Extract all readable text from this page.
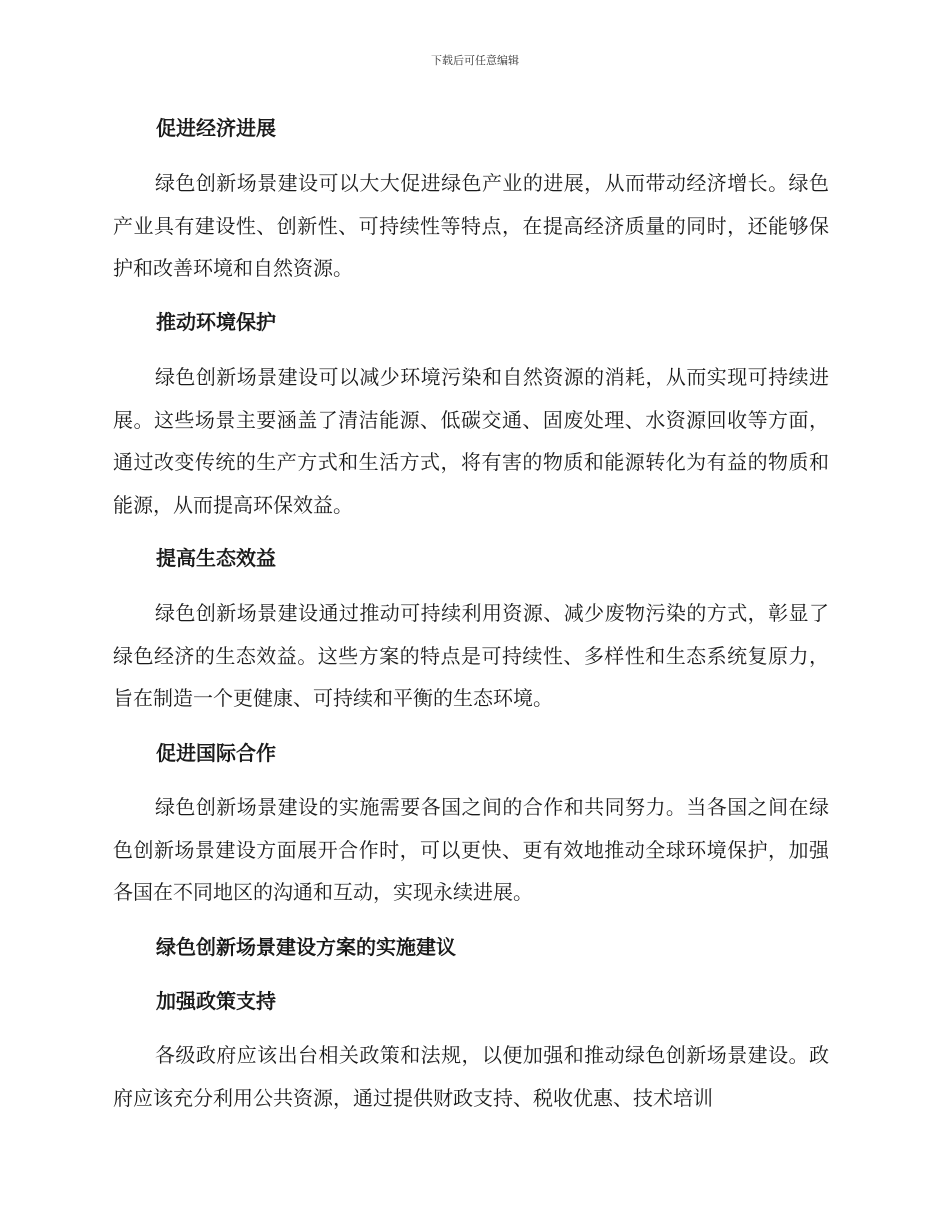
下载后可任意编辑
促进经济进展

绿色创新场景建设可以大大促进绿色产业的进展，从而带动经济增长。绿色产业具有建设性、创新性、可持续性等特点，在提高经济质量的同时，还能够保护和改善环境和自然资源。

推动环境保护

绿色创新场景建设可以减少环境污染和自然资源的消耗，从而实现可持续进展。这些场景主要涵盖了清洁能源、低碳交通、固废处理、水资源回收等方面，通过改变传统的生产方式和生活方式，将有害的物质和能源转化为有益的物质和能源，从而提高环保效益。

提高生态效益

绿色创新场景建设通过推动可持续利用资源、减少废物污染的方式，彰显了绿色经济的生态效益。这些方案的特点是可持续性、多样性和生态系统复原力，旨在制造一个更健康、可持续和平衡的生态环境。

促进国际合作

绿色创新场景建设的实施需要各国之间的合作和共同努力。当各国之间在绿色创新场景建设方面展开合作时，可以更快、更有效地推动全球环境保护，加强各国在不同地区的沟通和互动，实现永续进展。

绿色创新场景建设方案的实施建议
加强政策支持

各级政府应该出台相关政策和法规，以便加强和推动绿色创新场景建设。政府应该充分利用公共资源，通过提供财政支持、税收优惠、技术培训
